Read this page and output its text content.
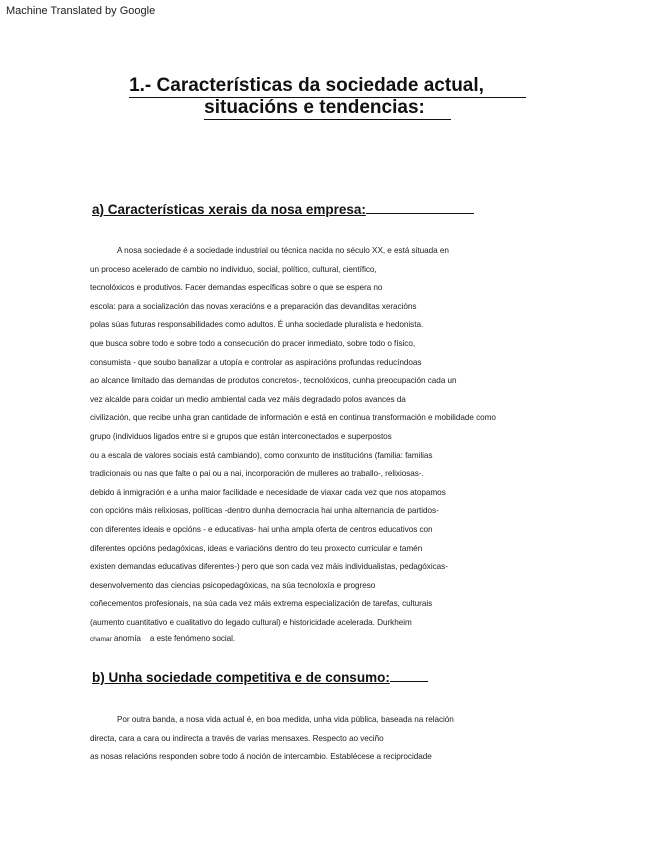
Machine Translated by Google
1.- Características da sociedade actual,
situacións e tendencias:
a) Características xerais da nosa empresa:
A nosa sociedade é a sociedade industrial ou técnica nacida no século XX, e está situada en
un proceso acelerado de cambio no individuo, social, político, cultural, científico,
tecnolóxicos e produtivos. Facer demandas específicas sobre o que se espera no
escola: para a socialización das novas xeracións e a preparación das devanditas xeracións
polas súas futuras responsabilidades como adultos. É unha sociedade pluralista e hedonista.
que busca sobre todo e sobre todo a consecución do pracer inmediato, sobre todo o físico,
consumista - que soubo banalizar a utopía e controlar as aspiracións profundas reducíndoas
ao alcance limitado das demandas de produtos concretos-, tecnolóxicos, cunha preocupación cada un
vez alcalde para coidar un medio ambiental cada vez máis degradado polos avances da
civilización, que recibe unha gran cantidade de información e está en continua transformación e mobilidade como
grupo (individuos ligados entre si e grupos que están interconectados e superpostos
ou a escala de valores sociais está cambiando), como conxunto de institucións (familia: familias
tradicionais ou nas que falte o pai ou a nai, incorporación de mulleres ao traballo-, relixiosas-.
debido á inmigración e a unha maior facilidade e necesidade de viaxar cada vez que nos atopamos
con opcións máis relixiosas, políticas -dentro dunha democracia hai unha alternancia de partidos-
con diferentes ideais e opcións - e educativas- hai unha ampla oferta de centros educativos con
diferentes opcións pedagóxicas, ideas e variacións dentro do teu proxecto curricular e tamén
existen demandas educativas diferentes-) pero que son cada vez máis individualistas, pedagóxicas-
desenvolvemento das ciencias psicopedagóxicas, na súa tecnoloxía e progreso
coñecementos profesionais, na súa cada vez máis extrema especialización de tarefas, culturais
(aumento cuantitativo e cualitativo do legado cultural) e historicidade acelerada. Durkheim
chamar anomía    a este fenómeno social.
b) Unha sociedade competitiva e de consumo:
Por outra banda, a nosa vida actual é, en boa medida, unha vida pública, baseada na relación
directa, cara a cara ou indirecta a través de varias mensaxes. Respecto ao veciño
as nosas relacións responden sobre todo á noción de intercambio. Establécese a reciprocidade
